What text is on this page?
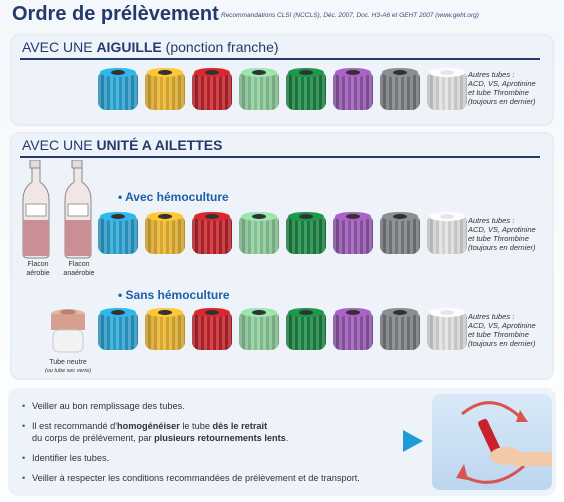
Ordre de prélèvement Recommandations CLSI (NCCLS), Déc. 2007, Doc. H3-A6 et GEHT 2007 (www.geht.org)
AVEC UNE AIGUILLE (ponction franche)
Autres tubes :
ACD, VS, Aprotinine
et tube Thrombine
(toujours en dernier)
AVEC UNE UNITÉ A AILETTES
Flacon
aérobie
Flacon
anaérobie
• Avec hémoculture
Autres tubes :
ACD, VS, Aprotinine
et tube Thrombine
(toujours en dernier)
• Sans hémoculture
Tube neutre
(ou tube sec verre)
Autres tubes :
ACD, VS, Aprotinine
et tube Thrombine
(toujours en dernier)
• Veiller au bon remplissage des tubes.
• Il est recommandé d'homogénéiser le tube dès le retrait
du corps de prélèvement, par plusieurs retournements lents.
• Identifier les tubes.
• Veiller à respecter les conditions recommandées de prélèvement et de transport.
